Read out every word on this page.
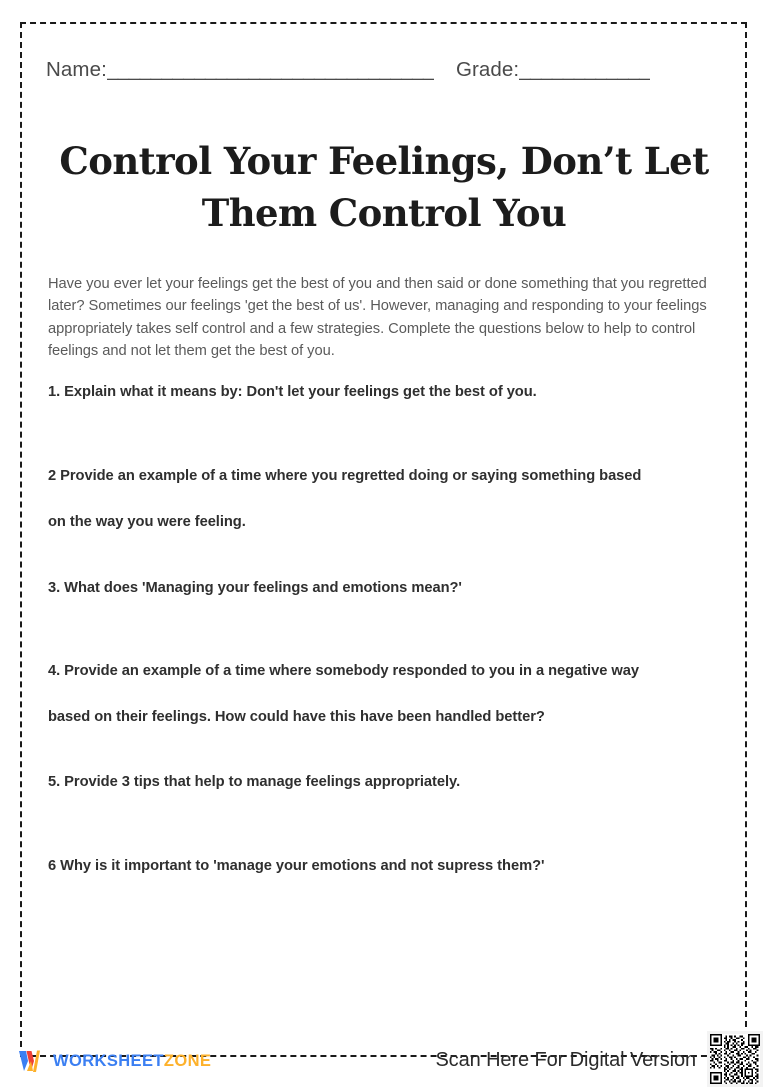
Name: ______________________________ Grade: ____________
Control Your Feelings, Don’t Let
Them Control You

Have you ever let your feelings get the best of you and then said or done something that you regretted later? Sometimes our feelings 'get the best of us'. However, managing and responding to your feelings appropriately takes self control and a few strategies. Complete the questions below to help to control feelings and not let them get the best of you.

1. Explain what it means by: Don't let your feelings get the best of you.
2 Provide an example of a time where you regretted doing or saying something based
on the way you were feeling.
3. What does 'Managing your feelings and emotions mean?'
4. Provide an example of a time where somebody responded to you in a negative way
based on their feelings. How could have this have been handled better?
5. Provide 3 tips that help to manage feelings appropriately.
6 Why is it important to 'manage your emotions and not supress them?'
WORKSHEETZONE	Scan Here For Digital Version
